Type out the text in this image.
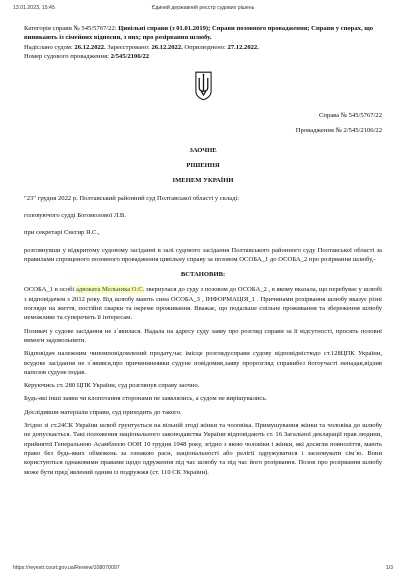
13.01.2023, 15:45	Єдиний державний реєстр судових рішень

Категорія справи № 545/5767/22: Цивільні справи (з 01.01.2019); Справи позовного провадження; Справи у спорах, що виникають із сімейних відносин, з них; про розірвання шлюбу.

Надіслано судом: 26.12.2022. Зареєстровано: 26.12.2022. Оприлюднено: 27.12.2022.

Номер судового провадження: 2/545/2106/22

Справа № 545/5767/22

Провадження № 2/545/2106/22

ЗАОЧНЕ

РІШЕННЯ

ІМЕНЕМ УКРАЇНИ

"23" грудня 2022 р. Полтавський районний суд Полтавської області у складі:

головуючого судді Богомолової Л.В.

при секретарі Снєгир Я.С.,

розглянувши у відкритому судовому засіданні в залі судового засідання Полтавського районного суду Полтавської області за правилами спрощеного позовного провадження цивільну справу за позовом ОСОБА_1 до ОСОБА_2 про розірвання шлюбу,-

ВСТАНОВИВ:

ОСОБА_1 в особі адвоката Мельника О.С. звернулася до суду з позовом до ОСОБА_2 , в якому вказала, що перебуває у шлюбі з відповідачем з 2012 року. Від шлюбу мають сина ОСОБА_3 , ІНФОРМАЦІЯ_1 . Причинами розірвання шлюбу вказує різні погляди на життя, постійні сварки та окреме проживання. Вважає, що подальше спільне проживання та збереження шлюбу неможливе та суперечить її інтересам.

Позивач у судове засідання не з`явилася. Надала на адресу суду заяву про розгляд справи за її відсутності, просить позовні вимоги задовольнити.

Відповідач належним чиномповідомлений продату,час імісце розглядусправи судову відповідністюдо ст.128ЦПК України, всудове засідання не з`явився,про причининеявки судуне повідомив,заяву пророзгляд справибез йогоучасті ненадав,відзив напозов судуне подав.

Керуючись ст. 280 ЦПК України, суд розглянув справу заочно.

Будь-які інші заяви чи клопотання сторонами не заявлялись, а судом не вирішувались.

Дослідивши матеріали справи, суд приходить до такого.

Згідно зі ст.24СК України шлюб грунтується на вільній згоді жінки та чоловіка. Примушування жінки та чоловіка до шлюбу не допускається. Такі положення національного законодавства України відповідають ст. 16 Загальної декларації прав людини, прийнятої Генеральною Асамблеєю ООН 10 грудня 1948 року, згідно з якою чоловіки і жінки, які досягли повноліття, мають право без будь-яких обмежень за ознакою раси, національності або релігії одружуватися і засновувати сім`ю. Вони користуються однаковими правами щодо одруження під час шлюбу та під час його розірвання. Позов про розірвання шлюбу може бути пред`явлений одним із подружжя (ст. 110 СК України).

https://reyestr.court.gov.ua/Review/108070097	1/3
